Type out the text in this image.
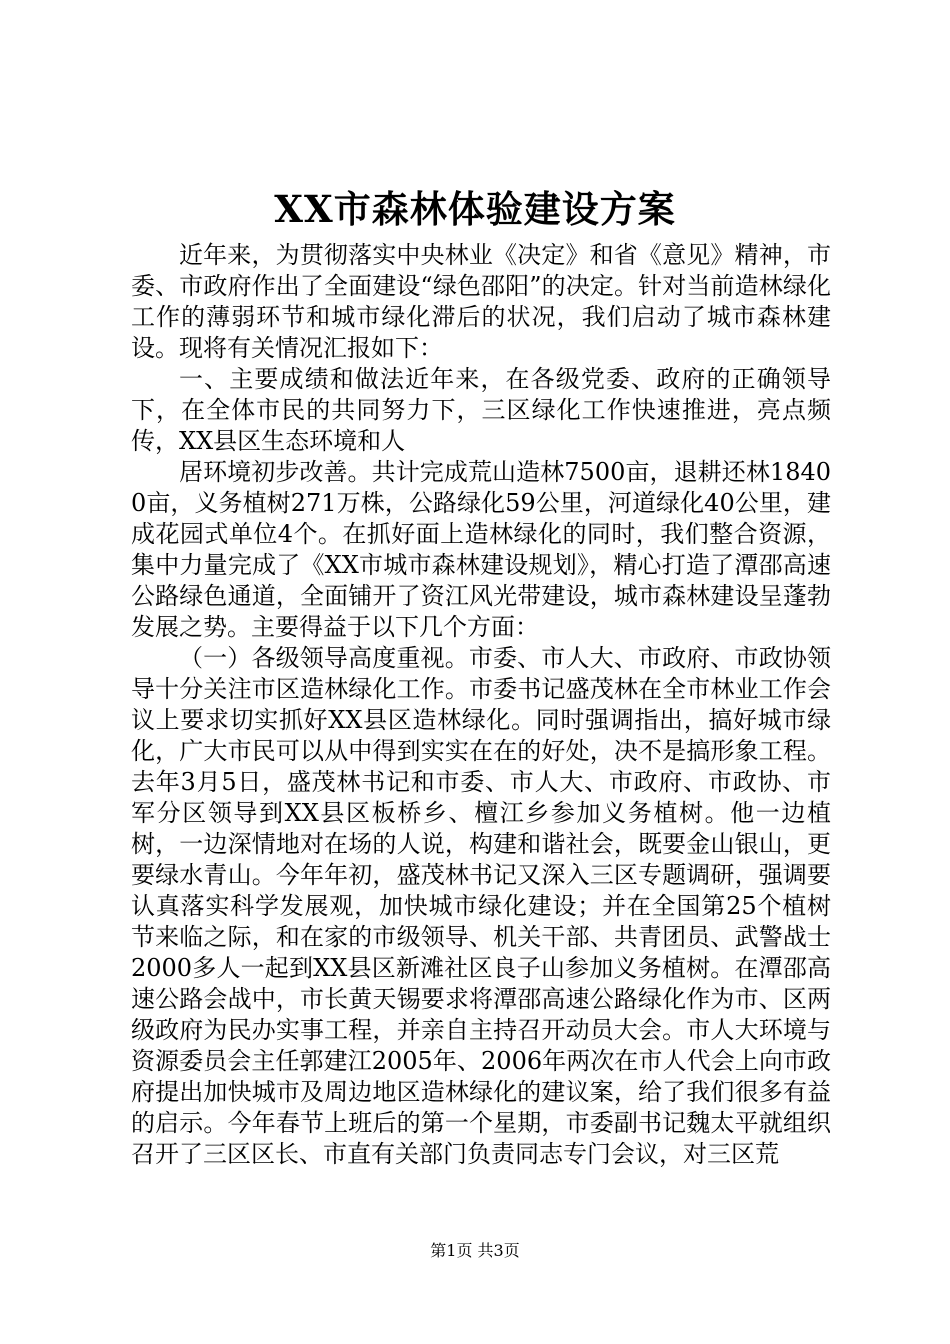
XX市森林体验建设方案

近年来，为贯彻落实中央林业《决定》和省《意见》精神，市委、市政府作出了全面建设“绿色邵阳”的决定。针对当前造林绿化工作的薄弱环节和城市绿化滞后的状况，我们启动了城市森林建设。现将有关情况汇报如下：

一、主要成绩和做法近年来，在各级党委、政府的正确领导下，在全体市民的共同努力下，三区绿化工作快速推进，亮点频传，XX县区生态环境和人

居环境初步改善。共计完成荒山造林7500亩，退耕还林18400亩，义务植树271万株，公路绿化59公里，河道绿化40公里，建成花园式单位4个。在抓好面上造林绿化的同时，我们整合资源，集中力量完成了《XX市城市森林建设规划》，精心打造了潭邵高速公路绿色通道，全面铺开了资江风光带建设，城市森林建设呈蓬勃发展之势。主要得益于以下几个方面：

（一）各级领导高度重视。市委、市人大、市政府、市政协领导十分关注市区造林绿化工作。市委书记盛茂林在全市林业工作会议上要求切实抓好XX县区造林绿化。同时强调指出，搞好城市绿化，广大市民可以从中得到实实在在的好处，决不是搞形象工程。去年3月5日，盛茂林书记和市委、市人大、市政府、市政协、市军分区领导到XX县区板桥乡、檀江乡参加义务植树。他一边植树，一边深情地对在场的人说，构建和谐社会，既要金山银山，更要绿水青山。今年年初，盛茂林书记又深入三区专题调研，强调要认真落实科学发展观，加快城市绿化建设；并在全国第25个植树节来临之际，和在家的市级领导、机关干部、共青团员、武警战士2000多人一起到XX县区新滩社区良子山参加义务植树。在潭邵高速公路会战中，市长黄天锡要求将潭邵高速公路绿化作为市、区两级政府为民办实事工程，并亲自主持召开动员大会。市人大环境与资源委员会主任郭建江2005年、2006年两次在市人代会上向市政府提出加快城市及周边地区造林绿化的建议案，给了我们很多有益的启示。今年春节上班后的第一个星期，市委副书记魏太平就组织召开了三区区长、市直有关部门负责同志专门会议，对三区荒

第1页 共3页
